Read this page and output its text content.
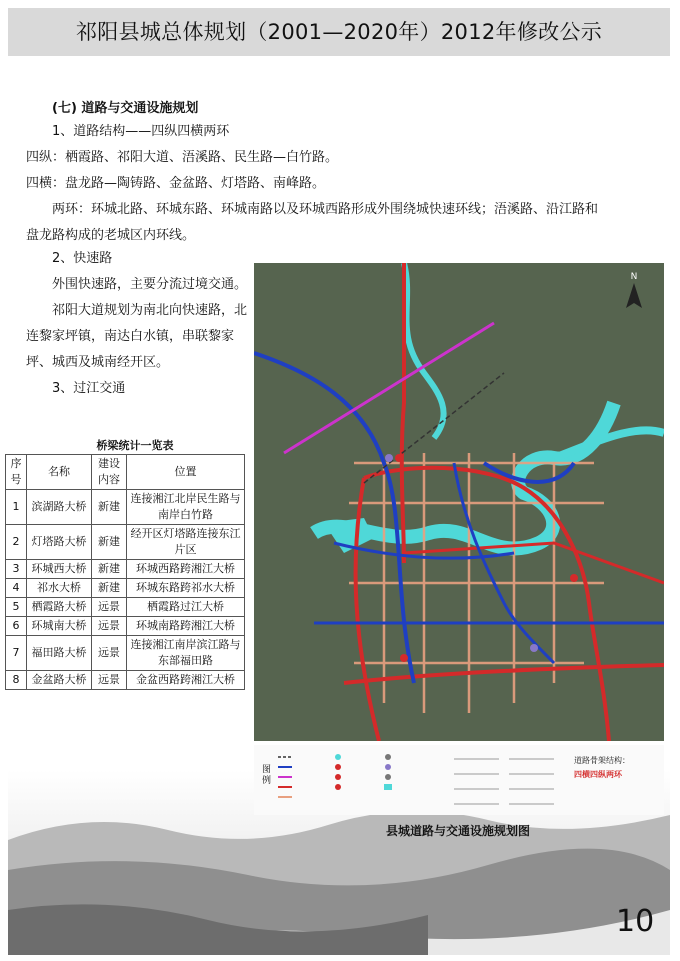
祁阳县城总体规划（2001—2020年）2012年修改公示
(七) 道路与交通设施规划
1、道路结构——四纵四横两环
四纵：栖霞路、祁阳大道、浯溪路、民生路—白竹路。
四横：盘龙路—陶铸路、金盆路、灯塔路、南峰路。
两环：环城北路、环城东路、环城南路以及环城西路形成外围绕城快速环线；浯溪路、沿江路和
盘龙路构成的老城区内环线。
2、快速路
外围快速路，主要分流过境交通。
祁阳大道规划为南北向快速路，北连黎家坪镇，南达白水镇，串联黎家坪、城西及城南经开区。
3、过江交通
桥梁统计一览表
序号	名称	建设内容	位置
1	滨湖路大桥	新建	连接湘江北岸民生路与南岸白竹路
2	灯塔路大桥	新建	经开区灯塔路连接东江片区
3	环城西大桥	新建	环城西路跨湘江大桥
4	祁水大桥	新建	环城东路跨祁水大桥
5	栖霞路大桥	远景	栖霞路过江大桥
6	环城南大桥	远景	环城南路跨湘江大桥
7	福田路大桥	远景	连接湘江南岸滨江路与东部福田路
8	金盆路大桥	远景	金盆西路跨湘江大桥
N
图例
道路骨架结构：
四横四纵两环
县城道路与交通设施规划图
10
